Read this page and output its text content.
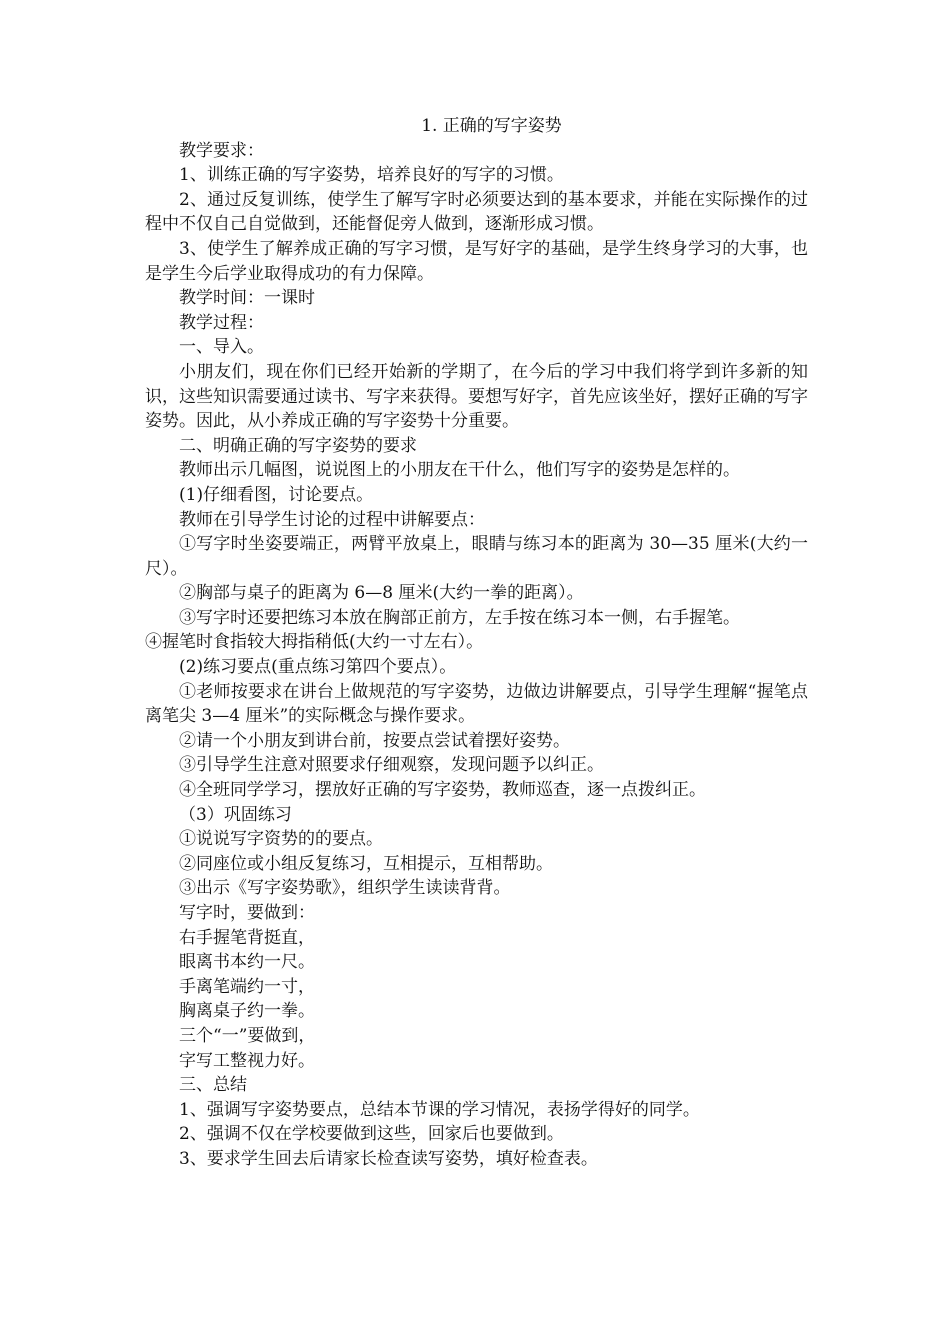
1. 正确的写字姿势

教学要求：

1、训练正确的写字姿势，培养良好的写字的习惯。

2、通过反复训练，使学生了解写字时必须要达到的基本要求，并能在实际操作的过程中不仅自己自觉做到，还能督促旁人做到，逐渐形成习惯。

3、使学生了解养成正确的写字习惯，是写好字的基础，是学生终身学习的大事，也是学生今后学业取得成功的有力保障。

教学时间：一课时

教学过程：

一、导入。

小朋友们，现在你们已经开始新的学期了，在今后的学习中我们将学到许多新的知识，这些知识需要通过读书、写字来获得。要想写好字，首先应该坐好，摆好正确的写字姿势。因此，从小养成正确的写字姿势十分重要。

二、明确正确的写字姿势的要求

教师出示几幅图，说说图上的小朋友在干什么，他们写字的姿势是怎样的。

(1)仔细看图，讨论要点。

教师在引导学生讨论的过程中讲解要点：

①写字时坐姿要端正，两臂平放桌上，眼睛与练习本的距离为 30—35 厘米(大约一尺）。

②胸部与桌子的距离为 6—8 厘米(大约一拳的距离）。

③写字时还要把练习本放在胸部正前方，左手按在练习本一侧，右手握笔。

④握笔时食指较大拇指稍低(大约一寸左右）。

(2)练习要点(重点练习第四个要点）。

①老师按要求在讲台上做规范的写字姿势，边做边讲解要点，引导学生理解“握笔点离笔尖 3—4 厘米”的实际概念与操作要求。

②请一个小朋友到讲台前，按要点尝试着摆好姿势。

③引导学生注意对照要求仔细观察，发现问题予以纠正。

④全班同学学习，摆放好正确的写字姿势，教师巡查，逐一点拨纠正。

（3）巩固练习

①说说写字资势的的要点。

②同座位或小组反复练习，互相提示，互相帮助。

③出示《写字姿势歌》，组织学生读读背背。

写字时，要做到：

右手握笔背挺直，

眼离书本约一尺。

手离笔端约一寸，

胸离桌子约一拳。

三个“一”要做到，

字写工整视力好。

三、总结

1、强调写字姿势要点，总结本节课的学习情况，表扬学得好的同学。

2、强调不仅在学校要做到这些，回家后也要做到。

3、要求学生回去后请家长检查读写姿势，填好检查表。
